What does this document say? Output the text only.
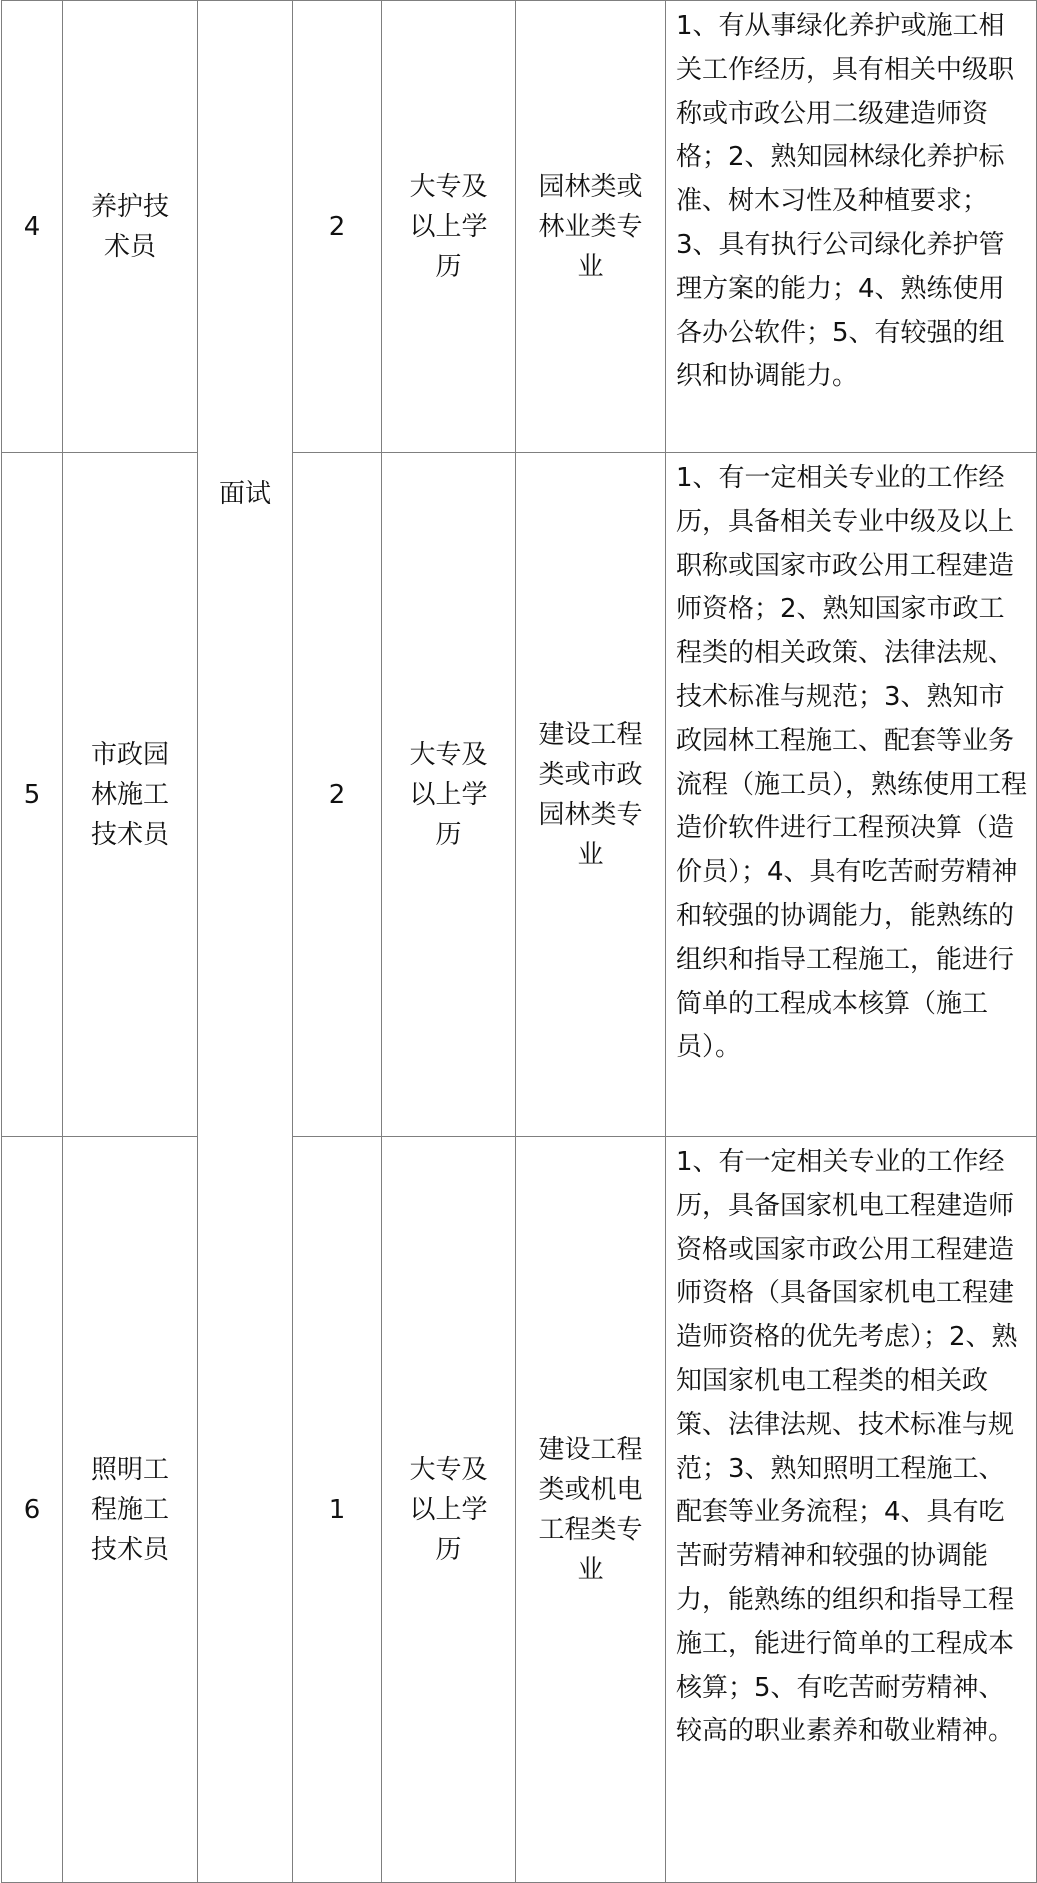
4	养护技术员	面试	2	大专及以上学历	园林类或林业类专业	1、有从事绿化养护或施工相关工作经历，具有相关中级职称或市政公用二级建造师资格；2、熟知园林绿化养护标准、树木习性及种植要求；3、具有执行公司绿化养护管理方案的能力；4、熟练使用各办公软件；5、有较强的组织和协调能力。
5	市政园林施工技术员		2	大专及以上学历	建设工程类或市政园林类专业	1、有一定相关专业的工作经历，具备相关专业中级及以上职称或国家市政公用工程建造师资格；2、熟知国家市政工程类的相关政策、法律法规、技术标准与规范；3、熟知市政园林工程施工、配套等业务流程（施工员），熟练使用工程造价软件进行工程预决算（造价员）；4、具有吃苦耐劳精神和较强的协调能力，能熟练的组织和指导工程施工，能进行简单的工程成本核算（施工员）。
6	照明工程施工技术员		1	大专及以上学历	建设工程类或机电工程类专业	1、有一定相关专业的工作经历，具备国家机电工程建造师资格或国家市政公用工程建造师资格（具备国家机电工程建造师资格的优先考虑）；2、熟知国家机电工程类的相关政策、法律法规、技术标准与规范；3、熟知照明工程施工、配套等业务流程；4、具有吃苦耐劳精神和较强的协调能力，能熟练的组织和指导工程施工，能进行简单的工程成本核算；5、有吃苦耐劳精神、较高的职业素养和敬业精神。
